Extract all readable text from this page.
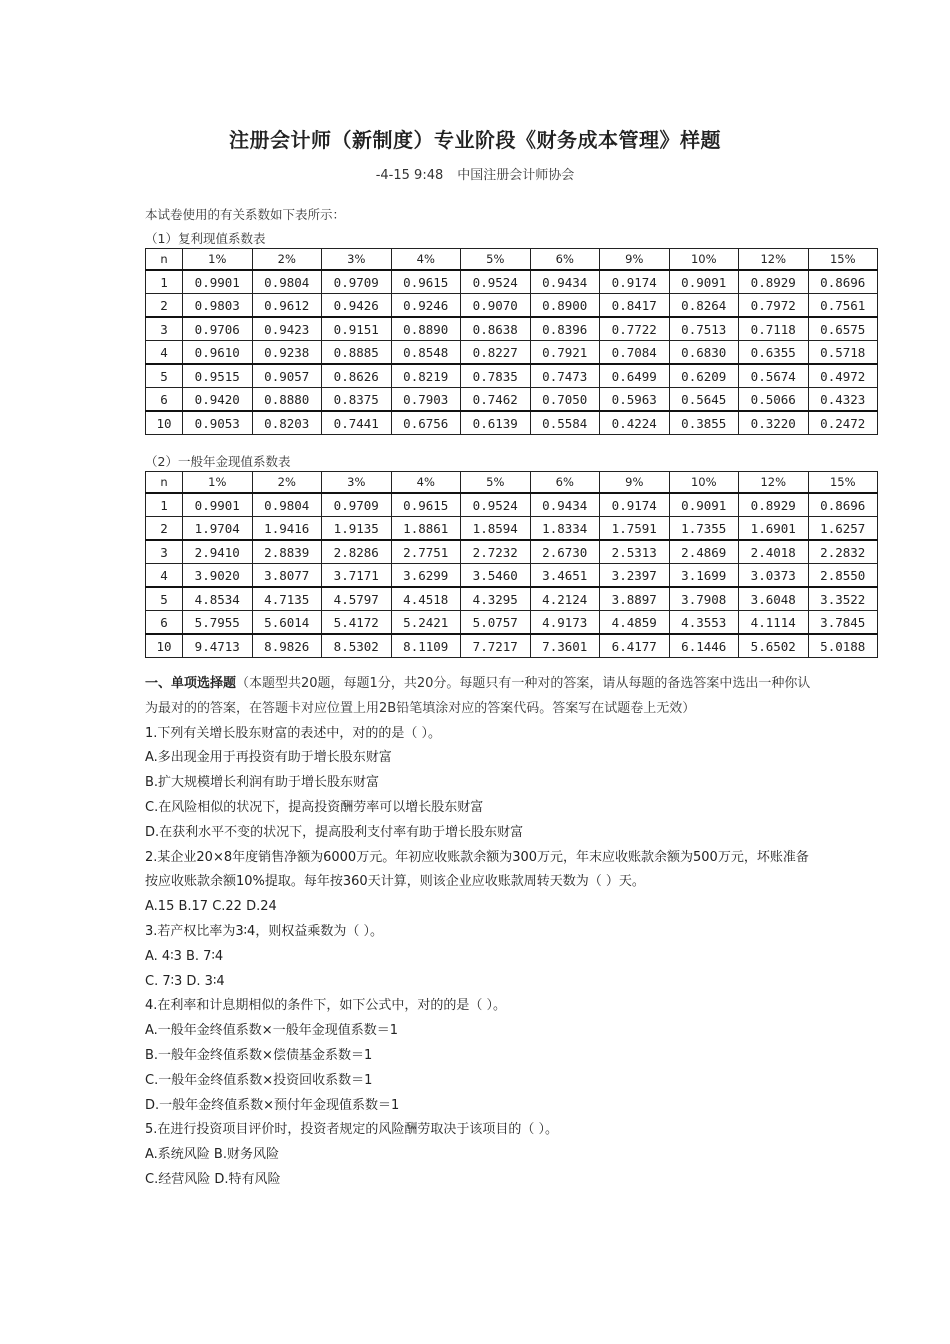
注册会计师（新制度）专业阶段《财务成本管理》样题
-4-15 9:48 中国注册会计师协会
本试卷使用的有关系数如下表所示：
（1）复利现值系数表
n	1%	2%	3%	4%	5%	6%	9%	10%	12%	15%
1	0.9901	0.9804	0.9709	0.9615	0.9524	0.9434	0.9174	0.9091	0.8929	0.8696
2	0.9803	0.9612	0.9426	0.9246	0.9070	0.8900	0.8417	0.8264	0.7972	0.7561
3	0.9706	0.9423	0.9151	0.8890	0.8638	0.8396	0.7722	0.7513	0.7118	0.6575
4	0.9610	0.9238	0.8885	0.8548	0.8227	0.7921	0.7084	0.6830	0.6355	0.5718
5	0.9515	0.9057	0.8626	0.8219	0.7835	0.7473	0.6499	0.6209	0.5674	0.4972
6	0.9420	0.8880	0.8375	0.7903	0.7462	0.7050	0.5963	0.5645	0.5066	0.4323
10	0.9053	0.8203	0.7441	0.6756	0.6139	0.5584	0.4224	0.3855	0.3220	0.2472
（2）一般年金现值系数表
n	1%	2%	3%	4%	5%	6%	9%	10%	12%	15%
1	0.9901	0.9804	0.9709	0.9615	0.9524	0.9434	0.9174	0.9091	0.8929	0.8696
2	1.9704	1.9416	1.9135	1.8861	1.8594	1.8334	1.7591	1.7355	1.6901	1.6257
3	2.9410	2.8839	2.8286	2.7751	2.7232	2.6730	2.5313	2.4869	2.4018	2.2832
4	3.9020	3.8077	3.7171	3.6299	3.5460	3.4651	3.2397	3.1699	3.0373	2.8550
5	4.8534	4.7135	4.5797	4.4518	4.3295	4.2124	3.8897	3.7908	3.6048	3.3522
6	5.7955	5.6014	5.4172	5.2421	5.0757	4.9173	4.4859	4.3553	4.1114	3.7845
10	9.4713	8.9826	8.5302	8.1109	7.7217	7.3601	6.4177	6.1446	5.6502	5.0188

一、单项选择题（本题型共20题，每题1分，共20分。每题只有一种对的答案，请从每题的备选答案中选出一种你认为最对的的答案，在答题卡对应位置上用2B铅笔填涂对应的答案代码。答案写在试题卷上无效）

1.下列有关增长股东财富的表述中，对的的是（ ）。

A.多出现金用于再投资有助于增长股东财富

B.扩大规模增长利润有助于增长股东财富

C.在风险相似的状况下，提高投资酬劳率可以增长股东财富

D.在获利水平不变的状况下，提高股利支付率有助于增长股东财富

2.某企业20×8年度销售净额为6000万元。年初应收账款余额为300万元，年末应收账款余额为500万元，坏账准备按应收账款余额10%提取。每年按360天计算，则该企业应收账款周转天数为（ ）天。

A.15 B.17 C.22 D.24

3.若产权比率为3∶4，则权益乘数为（ ）。

A. 4∶3 B. 7∶4

C. 7∶3 D. 3∶4

4.在利率和计息期相似的条件下，如下公式中，对的的是（ ）。

A.一般年金终值系数×一般年金现值系数＝1

B.一般年金终值系数×偿债基金系数＝1

C.一般年金终值系数×投资回收系数＝1

D.一般年金终值系数×预付年金现值系数＝1

5.在进行投资项目评价时，投资者规定的风险酬劳取决于该项目的（ ）。

A.系统风险 B.财务风险

C.经营风险 D.特有风险
